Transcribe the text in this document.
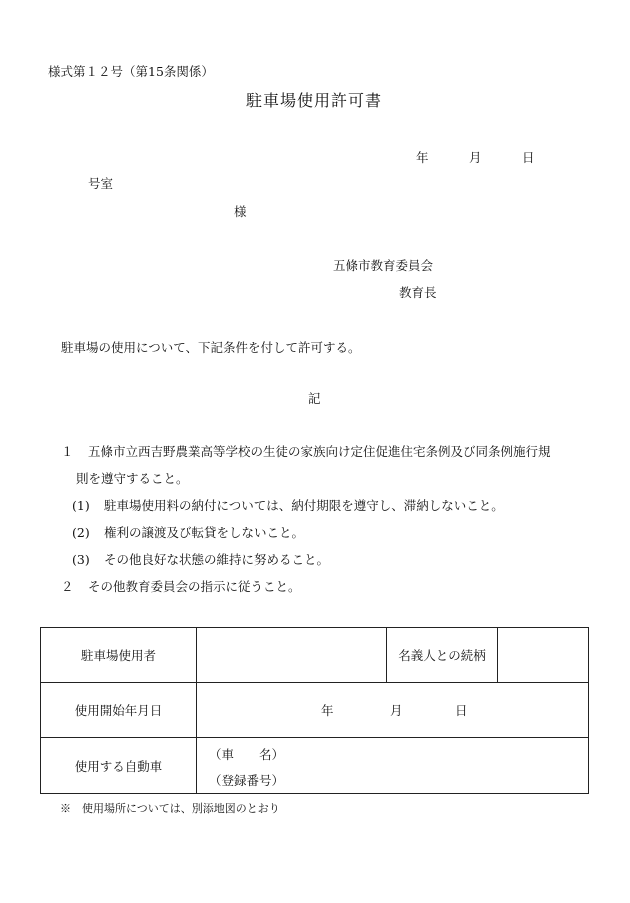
様式第１２号（第15条関係）
駐車場使用許可書
年	月	日
号室
様
五條市教育委員会
教育長
駐車場の使用について、下記条件を付して許可する。
記
１ 五條市立西吉野農業高等学校の生徒の家族向け定住促進住宅条例及び同条例施行規
則を遵守すること。
(1) 駐車場使用料の納付については、納付期限を遵守し、滞納しないこと。
(2) 権利の譲渡及び転貸をしないこと。
(3) その他良好な状態の維持に努めること。
２ その他教育委員会の指示に従うこと。
駐車場使用者		名義人との続柄	
使用開始年月日	年 月 日		

使用する自動車	（車　　名）
（登録番号）		
※　使用場所については、別添地図のとおり
